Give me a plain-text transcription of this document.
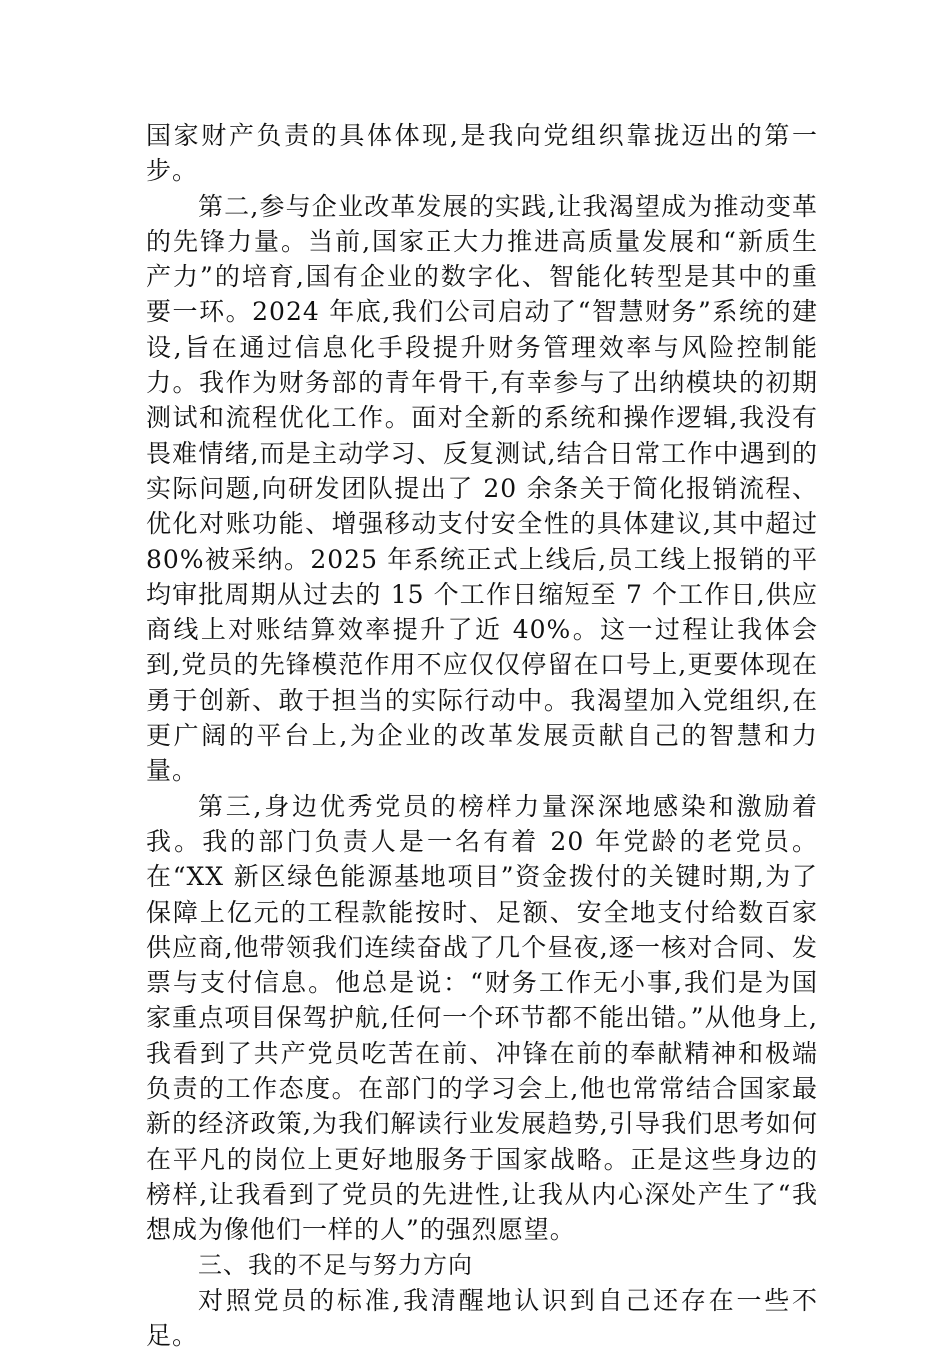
国家财产负责的具体体现,是我向党组织靠拢迈出的第一步。

第二,参与企业改革发展的实践,让我渴望成为推动变革的先锋力量。当前,国家正大力推进高质量发展和“新质生产力”的培育,国有企业的数字化、智能化转型是其中的重要一环。2024 年底,我们公司启动了“智慧财务”系统的建设,旨在通过信息化手段提升财务管理效率与风险控制能力。我作为财务部的青年骨干,有幸参与了出纳模块的初期测试和流程优化工作。面对全新的系统和操作逻辑,我没有畏难情绪,而是主动学习、反复测试,结合日常工作中遇到的实际问题,向研发团队提出了 20 余条关于简化报销流程、优化对账功能、增强移动支付安全性的具体建议,其中超过 80%被采纳。2025 年系统正式上线后,员工线上报销的平均审批周期从过去的 15 个工作日缩短至 7 个工作日,供应商线上对账结算效率提升了近 40%。这一过程让我体会到,党员的先锋模范作用不应仅仅停留在口号上,更要体现在勇于创新、敢于担当的实际行动中。我渴望加入党组织,在更广阔的平台上,为企业的改革发展贡献自己的智慧和力量。

第三,身边优秀党员的榜样力量深深地感染和激励着我。我的部门负责人是一名有着 20 年党龄的老党员。在“XX 新区绿色能源基地项目”资金拨付的关键时期,为了保障上亿元的工程款能按时、足额、安全地支付给数百家供应商,他带领我们连续奋战了几个昼夜,逐一核对合同、发票与支付信息。他总是说：“财务工作无小事,我们是为国家重点项目保驾护航,任何一个环节都不能出错。”从他身上,我看到了共产党员吃苦在前、冲锋在前的奉献精神和极端负责的工作态度。在部门的学习会上,他也常常结合国家最新的经济政策,为我们解读行业发展趋势,引导我们思考如何在平凡的岗位上更好地服务于国家战略。正是这些身边的榜样,让我看到了党员的先进性,让我从内心深处产生了“我想成为像他们一样的人”的强烈愿望。

三、我的不足与努力方向

对照党员的标准,我清醒地认识到自己还存在一些不足。
